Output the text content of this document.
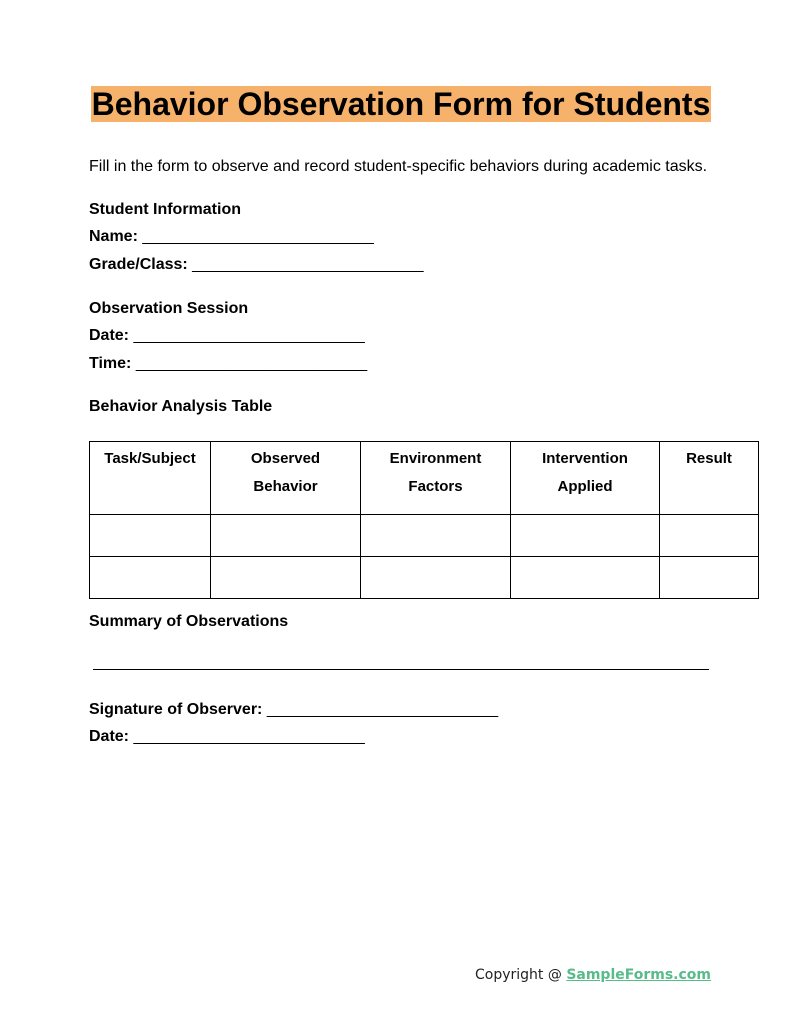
Behavior Observation Form for Students
Fill in the form to observe and record student-specific behaviors during academic tasks.
Student Information
Name: __________________________
Grade/Class: __________________________
Observation Session
Date: __________________________
Time: __________________________
Behavior Analysis Table
Task/Subject	Observed Behavior	Environment Factors	Intervention Applied	Result

Summary of Observations
Signature of Observer: __________________________
Date: __________________________
Copyright @ SampleForms.com
